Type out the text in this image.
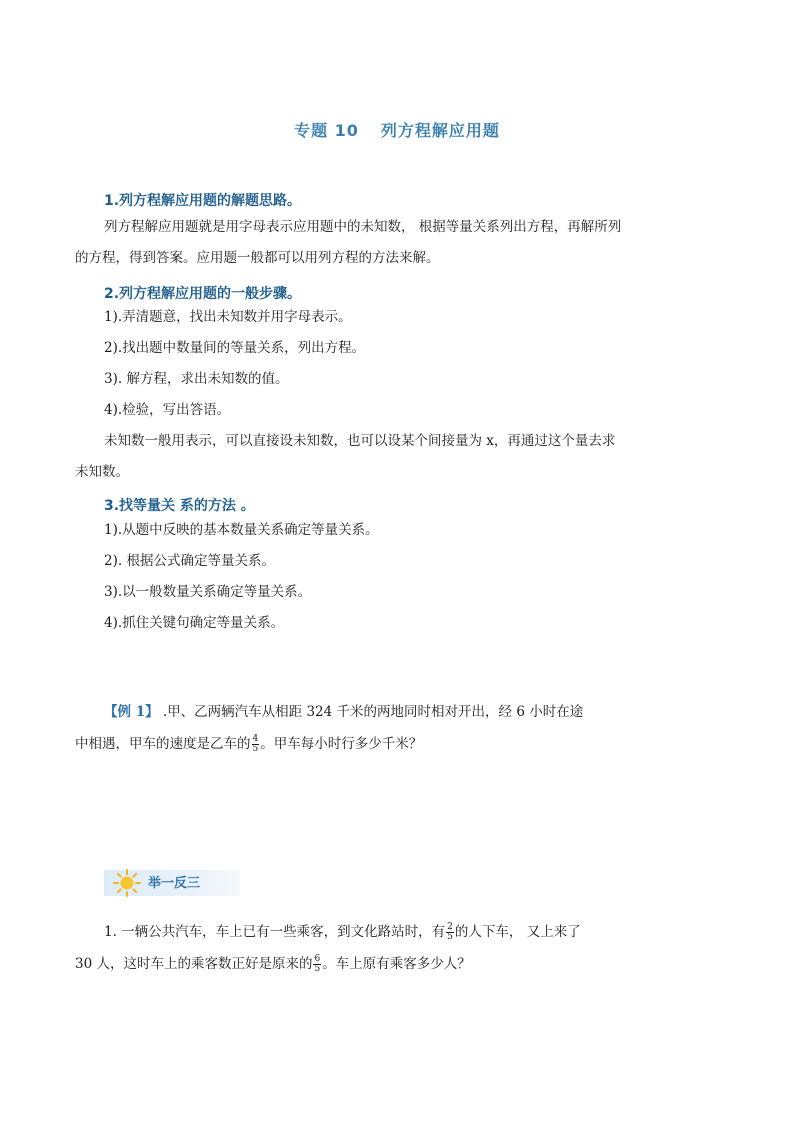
专题 10 列方程解应用题
1.列方程解应用题的解题思路。
列方程解应用题就是用字母表示应用题中的未知数， 根据等量关系列出方程，再解所列
的方程，得到答案。应用题一般都可以用列方程的方法来解。
2.列方程解应用题的一般步骤。
1).弄清题意，找出未知数并用字母表示。
2).找出题中数量间的等量关系，列出方程。
3). 解方程，求出未知数的值。
4).检验，写出答语。
未知数一般用表示，可以直接设未知数，也可以设某个间接量为 x，再通过这个量去求
未知数。
3.找等量关 系的方法 。
1).从题中反映的基本数量关系确定等量关系。
2). 根据公式确定等量关系。
3).以一般数量关系确定等量关系。
4).抓住关键句确定等量关系。
【例 1】 .甲、乙两辆汽车从相距 324 千米的两地同时相对开出，经 6 小时在途
中相遇，甲车的速度是乙车的 $\frac{4}{5}$ 。甲车每小时行多少千米？
举一反三
1. 一辆公共汽车，车上已有一些乘客，到文化路站时，有 $\frac{2}{5}$ 的人下车， 又上来了
30 人，这时车上的乘客数正好是原来的 $\frac{6}{5}$ 。车上原有乘客多少人？
